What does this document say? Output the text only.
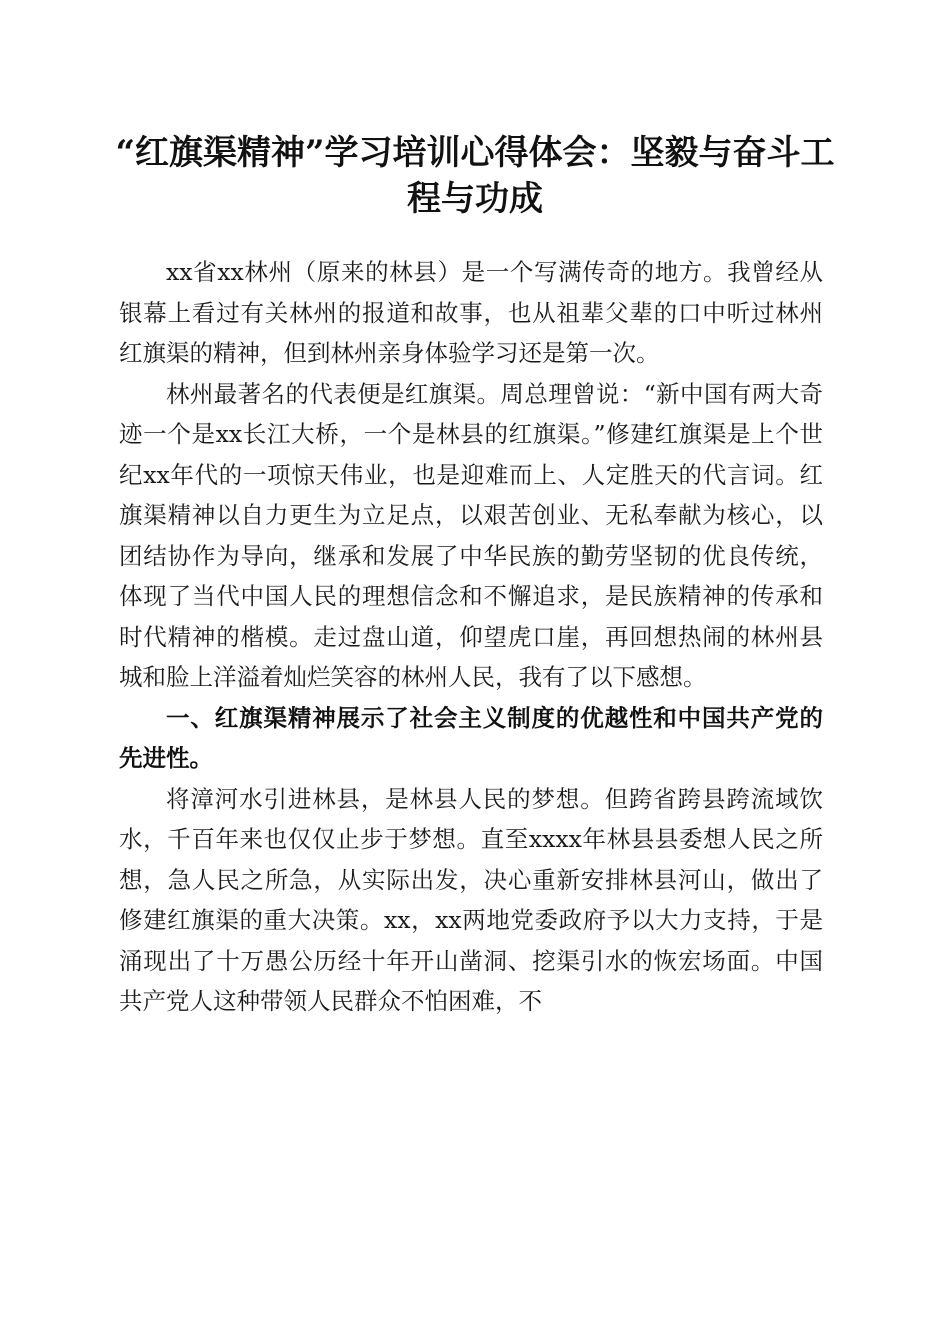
“红旗渠精神”学习培训心得体会：坚毅与奋斗工程与功成

xx省xx林州（原来的林县）是一个写满传奇的地方。我曾经从银幕上看过有关林州的报道和故事，也从祖辈父辈的口中听过林州红旗渠的精神，但到林州亲身体验学习还是第一次。

林州最著名的代表便是红旗渠。周总理曾说：“新中国有两大奇迹一个是xx长江大桥，一个是林县的红旗渠。”修建红旗渠是上个世纪xx年代的一项惊天伟业，也是迎难而上、人定胜天的代言词。红旗渠精神以自力更生为立足点，以艰苦创业、无私奉献为核心，以团结协作为导向，继承和发展了中华民族的勤劳坚韧的优良传统，体现了当代中国人民的理想信念和不懈追求，是民族精神的传承和时代精神的楷模。走过盘山道，仰望虎口崖，再回想热闹的林州县城和脸上洋溢着灿烂笑容的林州人民，我有了以下感想。

一、红旗渠精神展示了社会主义制度的优越性和中国共产党的先进性。

将漳河水引进林县，是林县人民的梦想。但跨省跨县跨流域饮水，千百年来也仅仅止步于梦想。直至xxxx年林县县委想人民之所想，急人民之所急，从实际出发，决心重新安排林县河山，做出了修建红旗渠的重大决策。xx，xx两地党委政府予以大力支持，于是涌现出了十万愚公历经十年开山凿洞、挖渠引水的恢宏场面。中国共产党人这种带领人民群众不怕困难，不
